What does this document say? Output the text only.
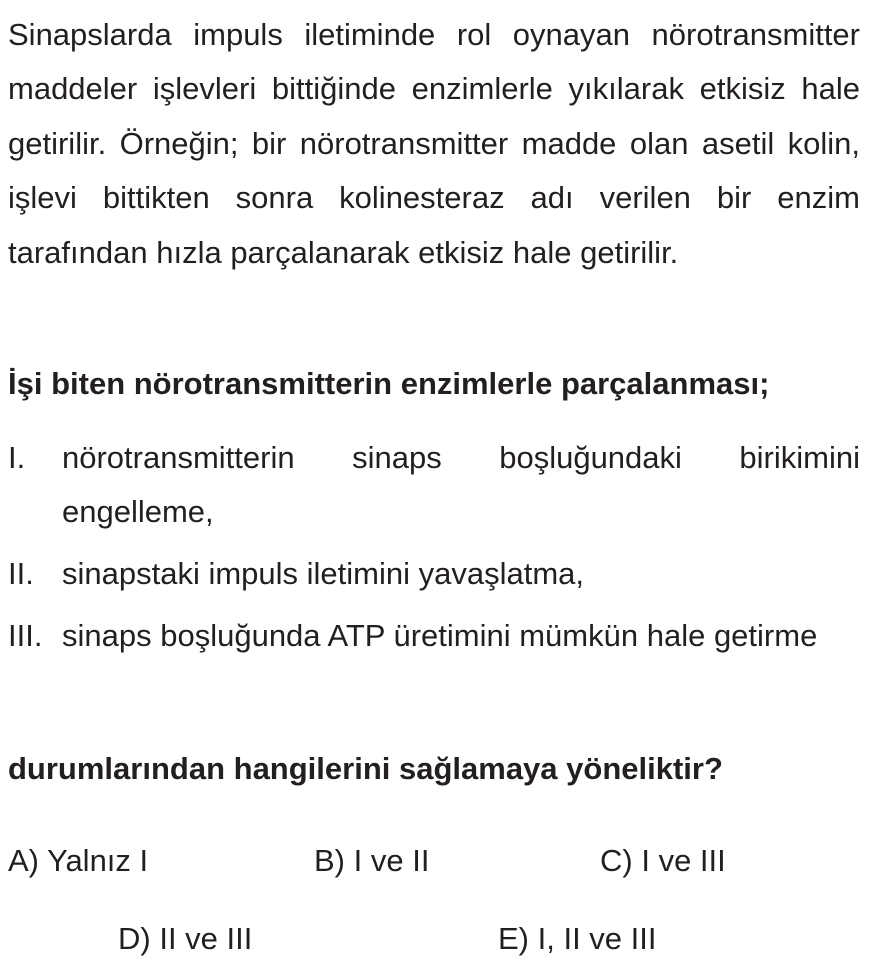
Sinapslarda impuls iletiminde rol oynayan nörotransmitter maddeler işlevleri bittiğinde enzimlerle yıkılarak etkisiz hale getirilir. Örneğin; bir nörotransmitter madde olan asetil kolin, işlevi bittikten sonra kolinesteraz adı verilen bir enzim tarafından hızla parçalanarak etkisiz hale getirilir.

İşi biten nörotransmitterin enzimlerle parçalanması;

I. nörotransmitterin sinaps boşluğundaki birikimini engelleme,
II. sinapstaki impuls iletimini yavaşlatma,
III. sinaps boşluğunda ATP üretimini mümkün hale getirme

durumlarından hangilerini sağlamaya yöneliktir?

A) Yalnız I	B) I ve II	C) I ve III
D) II ve III	E) I, II ve III
